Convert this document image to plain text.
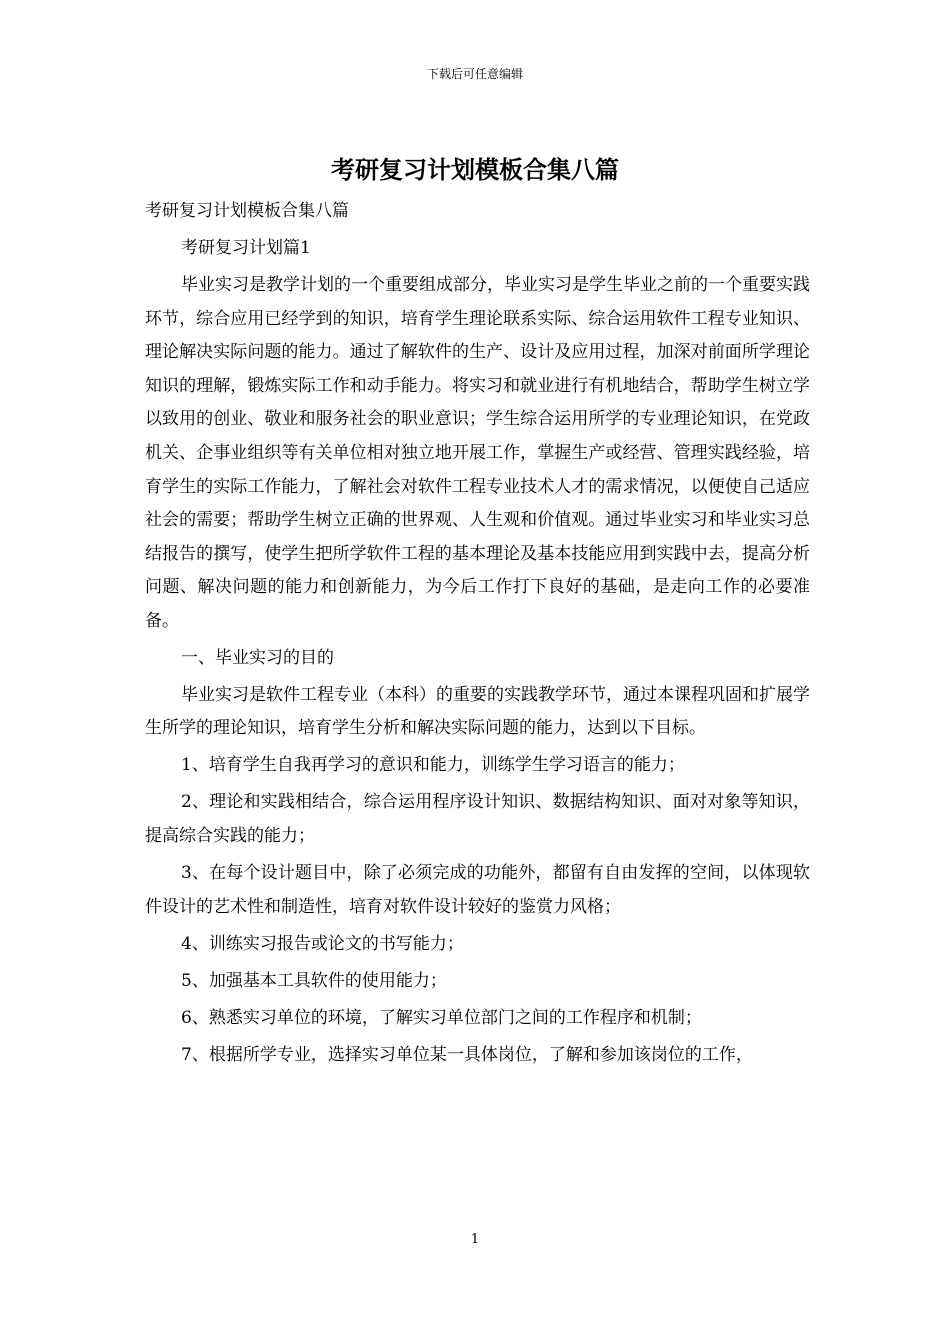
下载后可任意编辑
考研复习计划模板合集八篇

考研复习计划模板合集八篇

考研复习计划篇1

毕业实习是教学计划的一个重要组成部分，毕业实习是学生毕业之前的一个重要实践环节，综合应用已经学到的知识，培育学生理论联系实际、综合运用软件工程专业知识、理论解决实际问题的能力。通过了解软件的生产、设计及应用过程，加深对前面所学理论知识的理解，锻炼实际工作和动手能力。将实习和就业进行有机地结合，帮助学生树立学以致用的创业、敬业和服务社会的职业意识；学生综合运用所学的专业理论知识，在党政机关、企事业组织等有关单位相对独立地开展工作，掌握生产或经营、管理实践经验，培育学生的实际工作能力，了解社会对软件工程专业技术人才的需求情况，以便使自己适应社会的需要；帮助学生树立正确的世界观、人生观和价值观。通过毕业实习和毕业实习总结报告的撰写，使学生把所学软件工程的基本理论及基本技能应用到实践中去，提高分析问题、解决问题的能力和创新能力，为今后工作打下良好的基础，是走向工作的必要准备。

一、毕业实习的目的

毕业实习是软件工程专业（本科）的重要的实践教学环节，通过本课程巩固和扩展学生所学的理论知识，培育学生分析和解决实际问题的能力，达到以下目标。

1、培育学生自我再学习的意识和能力，训练学生学习语言的能力；

2、理论和实践相结合，综合运用程序设计知识、数据结构知识、面对对象等知识，提高综合实践的能力；

3、在每个设计题目中，除了必须完成的功能外，都留有自由发挥的空间，以体现软件设计的艺术性和制造性，培育对软件设计较好的鉴赏力风格；

4、训练实习报告或论文的书写能力；

5、加强基本工具软件的使用能力；

6、熟悉实习单位的环境，了解实习单位部门之间的工作程序和机制；

7、根据所学专业，选择实习单位某一具体岗位，了解和参加该岗位的工作，

1
